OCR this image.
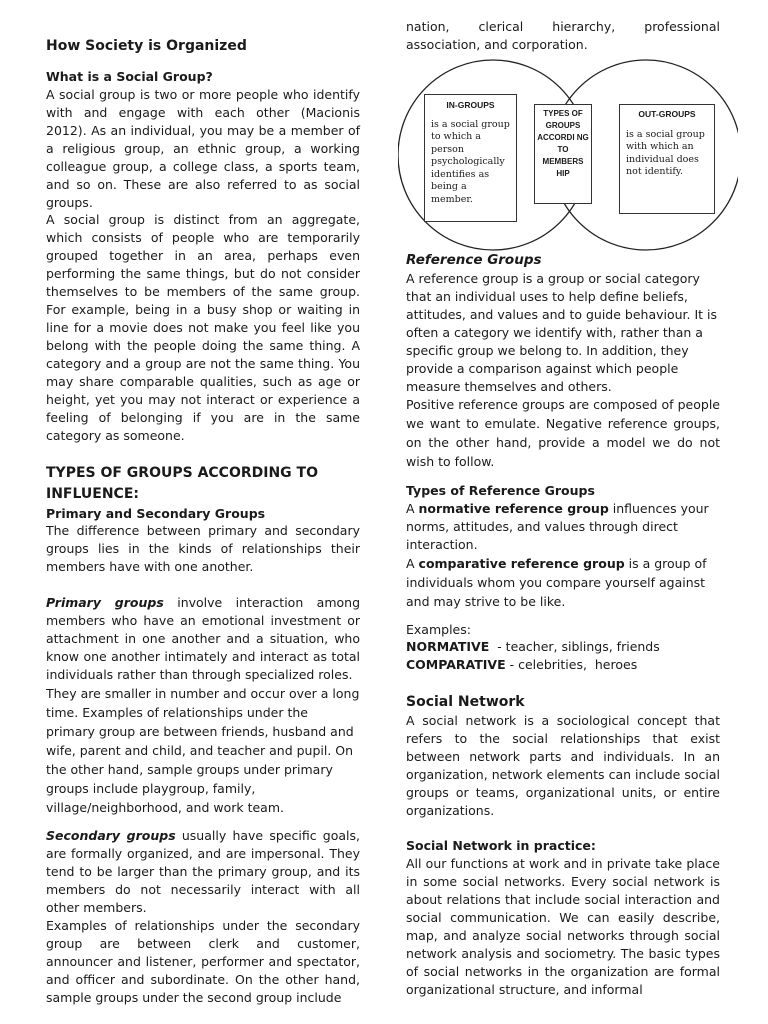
How Society is Organized
What is a Social Group?

A social group is two or more people who identify with and engage with each other (Macionis 2012). As an individual, you may be a member of a religious group, an ethnic group, a working colleague group, a college class, a sports team, and so on. These are also referred to as social groups.

A social group is distinct from an aggregate, which consists of people who are temporarily grouped together in an area, perhaps even performing the same things, but do not consider themselves to be members of the same group. For example, being in a busy shop or waiting in line for a movie does not make you feel like you belong with the people doing the same thing. A category and a group are not the same thing. You may share comparable qualities, such as age or height, yet you may not interact or experience a feeling of belonging if you are in the same category as someone.

TYPES OF GROUPS ACCORDING TO INFLUENCE:
Primary and Secondary Groups

The difference between primary and secondary groups lies in the kinds of relationships their members have with one another.

Primary groups involve interaction among members who have an emotional investment or attachment in one another and a situation, who know one another intimately and interact as total individuals rather than through specialized roles.

They are smaller in number and occur over a long time. Examples of relationships under the primary group are between friends, husband and wife, parent and child, and teacher and pupil. On the other hand, sample groups under primary groups include playgroup, family, village/neighborhood, and work team.

Secondary groups usually have specific goals, are formally organized, and are impersonal. They tend to be larger than the primary group, and its members do not necessarily interact with all other members.

Examples of relationships under the secondary group are between clerk and customer, announcer and listener, performer and spectator, and officer and subordinate. On the other hand, sample groups under the second group include

nation, clerical hierarchy, professional association, and corporation.

IN-GROUPS
is a social group to which a person psychologically identifies as being a member.
TYPES OF GROUPS ACCORDI NG TO MEMBERS HIP
OUT-GROUPS
is a social group with which an individual does not identify.
Reference Groups

A reference group is a group or social category that an individual uses to help define beliefs, attitudes, and values and to guide behaviour. It is often a category we identify with, rather than a specific group we belong to. In addition, they provide a comparison against which people measure themselves and others.

Positive reference groups are composed of people we want to emulate. Negative reference groups, on the other hand, provide a model we do not wish to follow.

Types of Reference Groups

A normative reference group influences your norms, attitudes, and values through direct interaction.

A comparative reference group is a group of individuals whom you compare yourself against and may strive to be like.

Examples:
NORMATIVE  - teacher, siblings, friends
COMPARATIVE - celebrities,  heroes
Social Network

A social network is a sociological concept that refers to the social relationships that exist between network parts and individuals. In an organization, network elements can include social groups or teams, organizational units, or entire organizations.

Social Network in practice:

All our functions at work and in private take place in some social networks. Every social network is about relations that include social interaction and social communication. We can easily describe, map, and analyze social networks through social network analysis and sociometry. The basic types of social networks in the organization are formal organizational structure, and informal
